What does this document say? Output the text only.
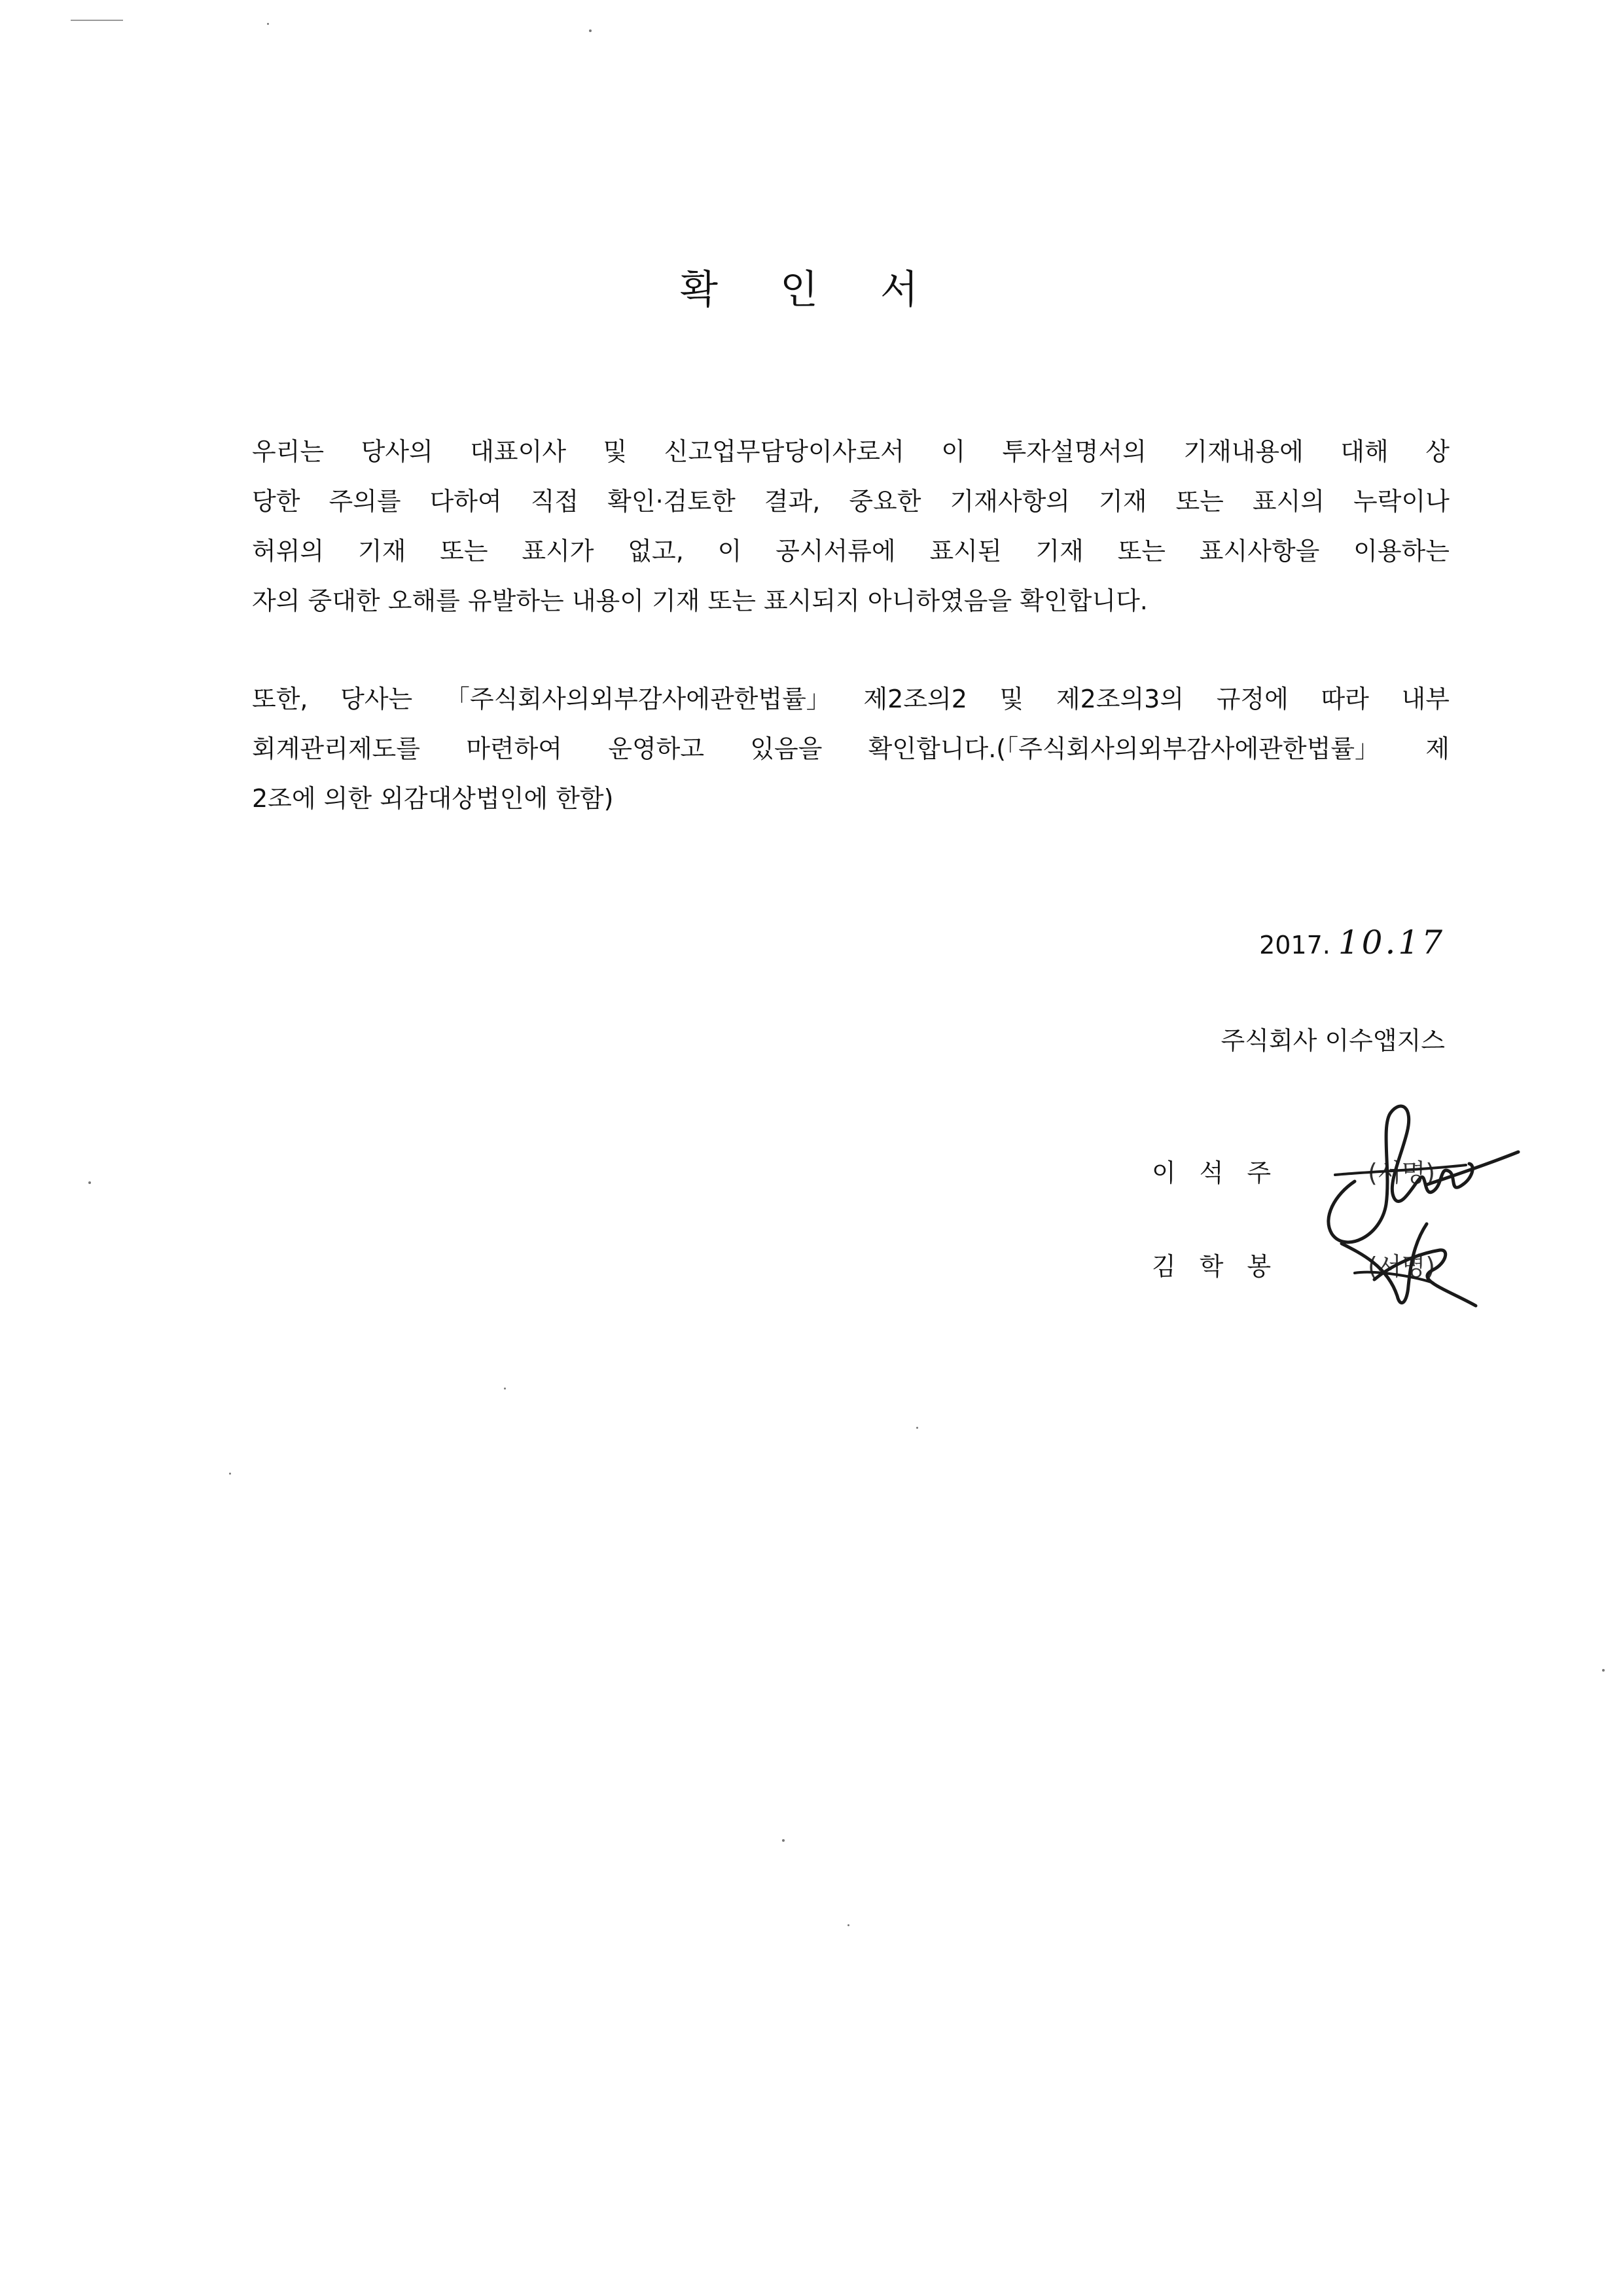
확 인 서
우리는 당사의 대표이사 및 신고업무담당이사로서 이 투자설명서의 기재내용에 대해 상
당한 주의를 다하여 직접 확인·검토한 결과, 중요한 기재사항의 기재 또는 표시의 누락이나
허위의 기재 또는 표시가 없고, 이 공시서류에 표시된 기재 또는 표시사항을 이용하는
자의 중대한 오해를 유발하는 내용이 기재 또는 표시되지 아니하였음을 확인합니다.
또한, 당사는 「주식회사의외부감사에관한법률」 제2조의2 및 제2조의3의 규정에 따라 내부
회계관리제도를 마련하여 운영하고 있음을 확인합니다.(「주식회사의외부감사에관한법률」 제
2조에 의한 외감대상법인에 한함)
2017. 10.17
주식회사 이수앱지스
이석주	(서명)
김학봉	(서명)
